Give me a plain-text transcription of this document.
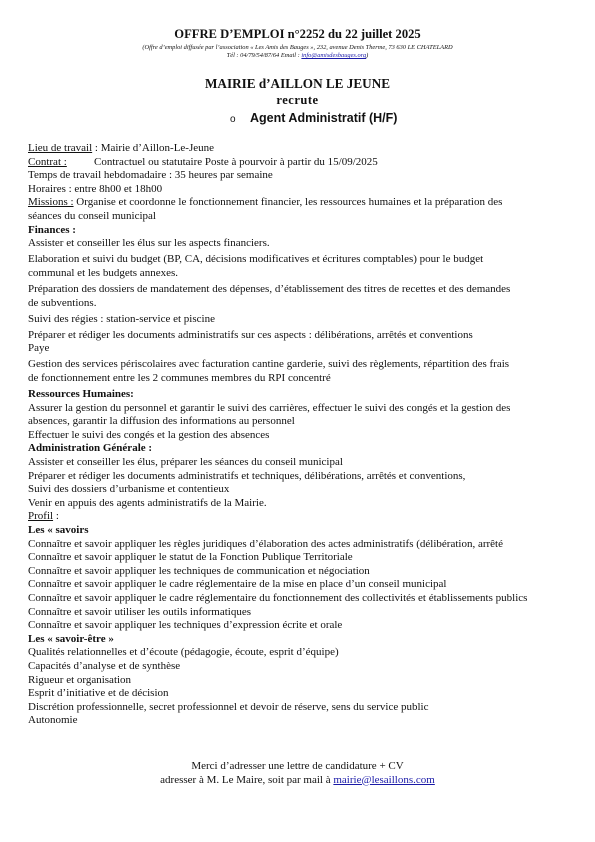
OFFRE D’EMPLOI n°2252 du 22 juillet 2025
(Offre d’emploi diffusée par l’association « Les Amis des Bauges », 232, avenue Denis Therme, 73 630 LE CHATELARD
Tél : 04/79/54/87/64 Email : info@amisdesbauges.org)
MAIRIE d’AILLON LE JEUNE
recrute
o Agent Administratif (H/F)
Lieu de travail : Mairie d’Aillon-Le-Jeune
Contrat : Contractuel ou statutaire Poste à pourvoir à partir du 15/09/2025
Temps de travail hebdomadaire : 35 heures par semaine
Horaires : entre 8h00 et 18h00
Missions : Organise et coordonne le fonctionnement financier, les ressources humaines et la préparation des
séances du conseil municipal
Finances :
Assister et conseiller les élus sur les aspects financiers.
Elaboration et suivi du budget (BP, CA, décisions modificatives et écritures comptables) pour le budget
communal et les budgets annexes.
Préparation des dossiers de mandatement des dépenses, d’établissement des titres de recettes et des demandes
de subventions.
Suivi des régies : station-service et piscine
Préparer et rédiger les documents administratifs sur ces aspects : délibérations, arrêtés et conventions
Paye
Gestion des services périscolaires avec facturation cantine garderie, suivi des règlements, répartition des frais
de fonctionnement entre les 2 communes membres du RPI concentré
Ressources Humaines:
Assurer la gestion du personnel et garantir le suivi des carrières, effectuer le suivi des congés et la gestion des
absences, garantir la diffusion des informations au personnel
Effectuer le suivi des congés et la gestion des absences
Administration Générale :
Assister et conseiller les élus, préparer les séances du conseil municipal
Préparer et rédiger les documents administratifs et techniques, délibérations, arrêtés et conventions,
Suivi des dossiers d’urbanisme et contentieux
Venir en appuis des agents administratifs de la Mairie.
Profil :
Les « savoirs
Connaître et savoir appliquer les règles juridiques d’élaboration des actes administratifs (délibération, arrêté
Connaître et savoir appliquer le statut de la Fonction Publique Territoriale
Connaître et savoir appliquer les techniques de communication et négociation
Connaître et savoir appliquer le cadre réglementaire de la mise en place d’un conseil municipal
Connaître et savoir appliquer le cadre réglementaire du fonctionnement des collectivités et établissements publics
Connaître et savoir utiliser les outils informatiques
Connaître et savoir appliquer les techniques d’expression écrite et orale
Les « savoir-être »
Qualités relationnelles et d’écoute (pédagogie, écoute, esprit d’équipe)
Capacités d’analyse et de synthèse
Rigueur et organisation
Esprit d’initiative et de décision
Discrétion professionnelle, secret professionnel et devoir de réserve, sens du service public
Autonomie
Merci d’adresser une lettre de candidature + CV
adresser à M. Le Maire, soit par mail à mairie@lesaillons.com
